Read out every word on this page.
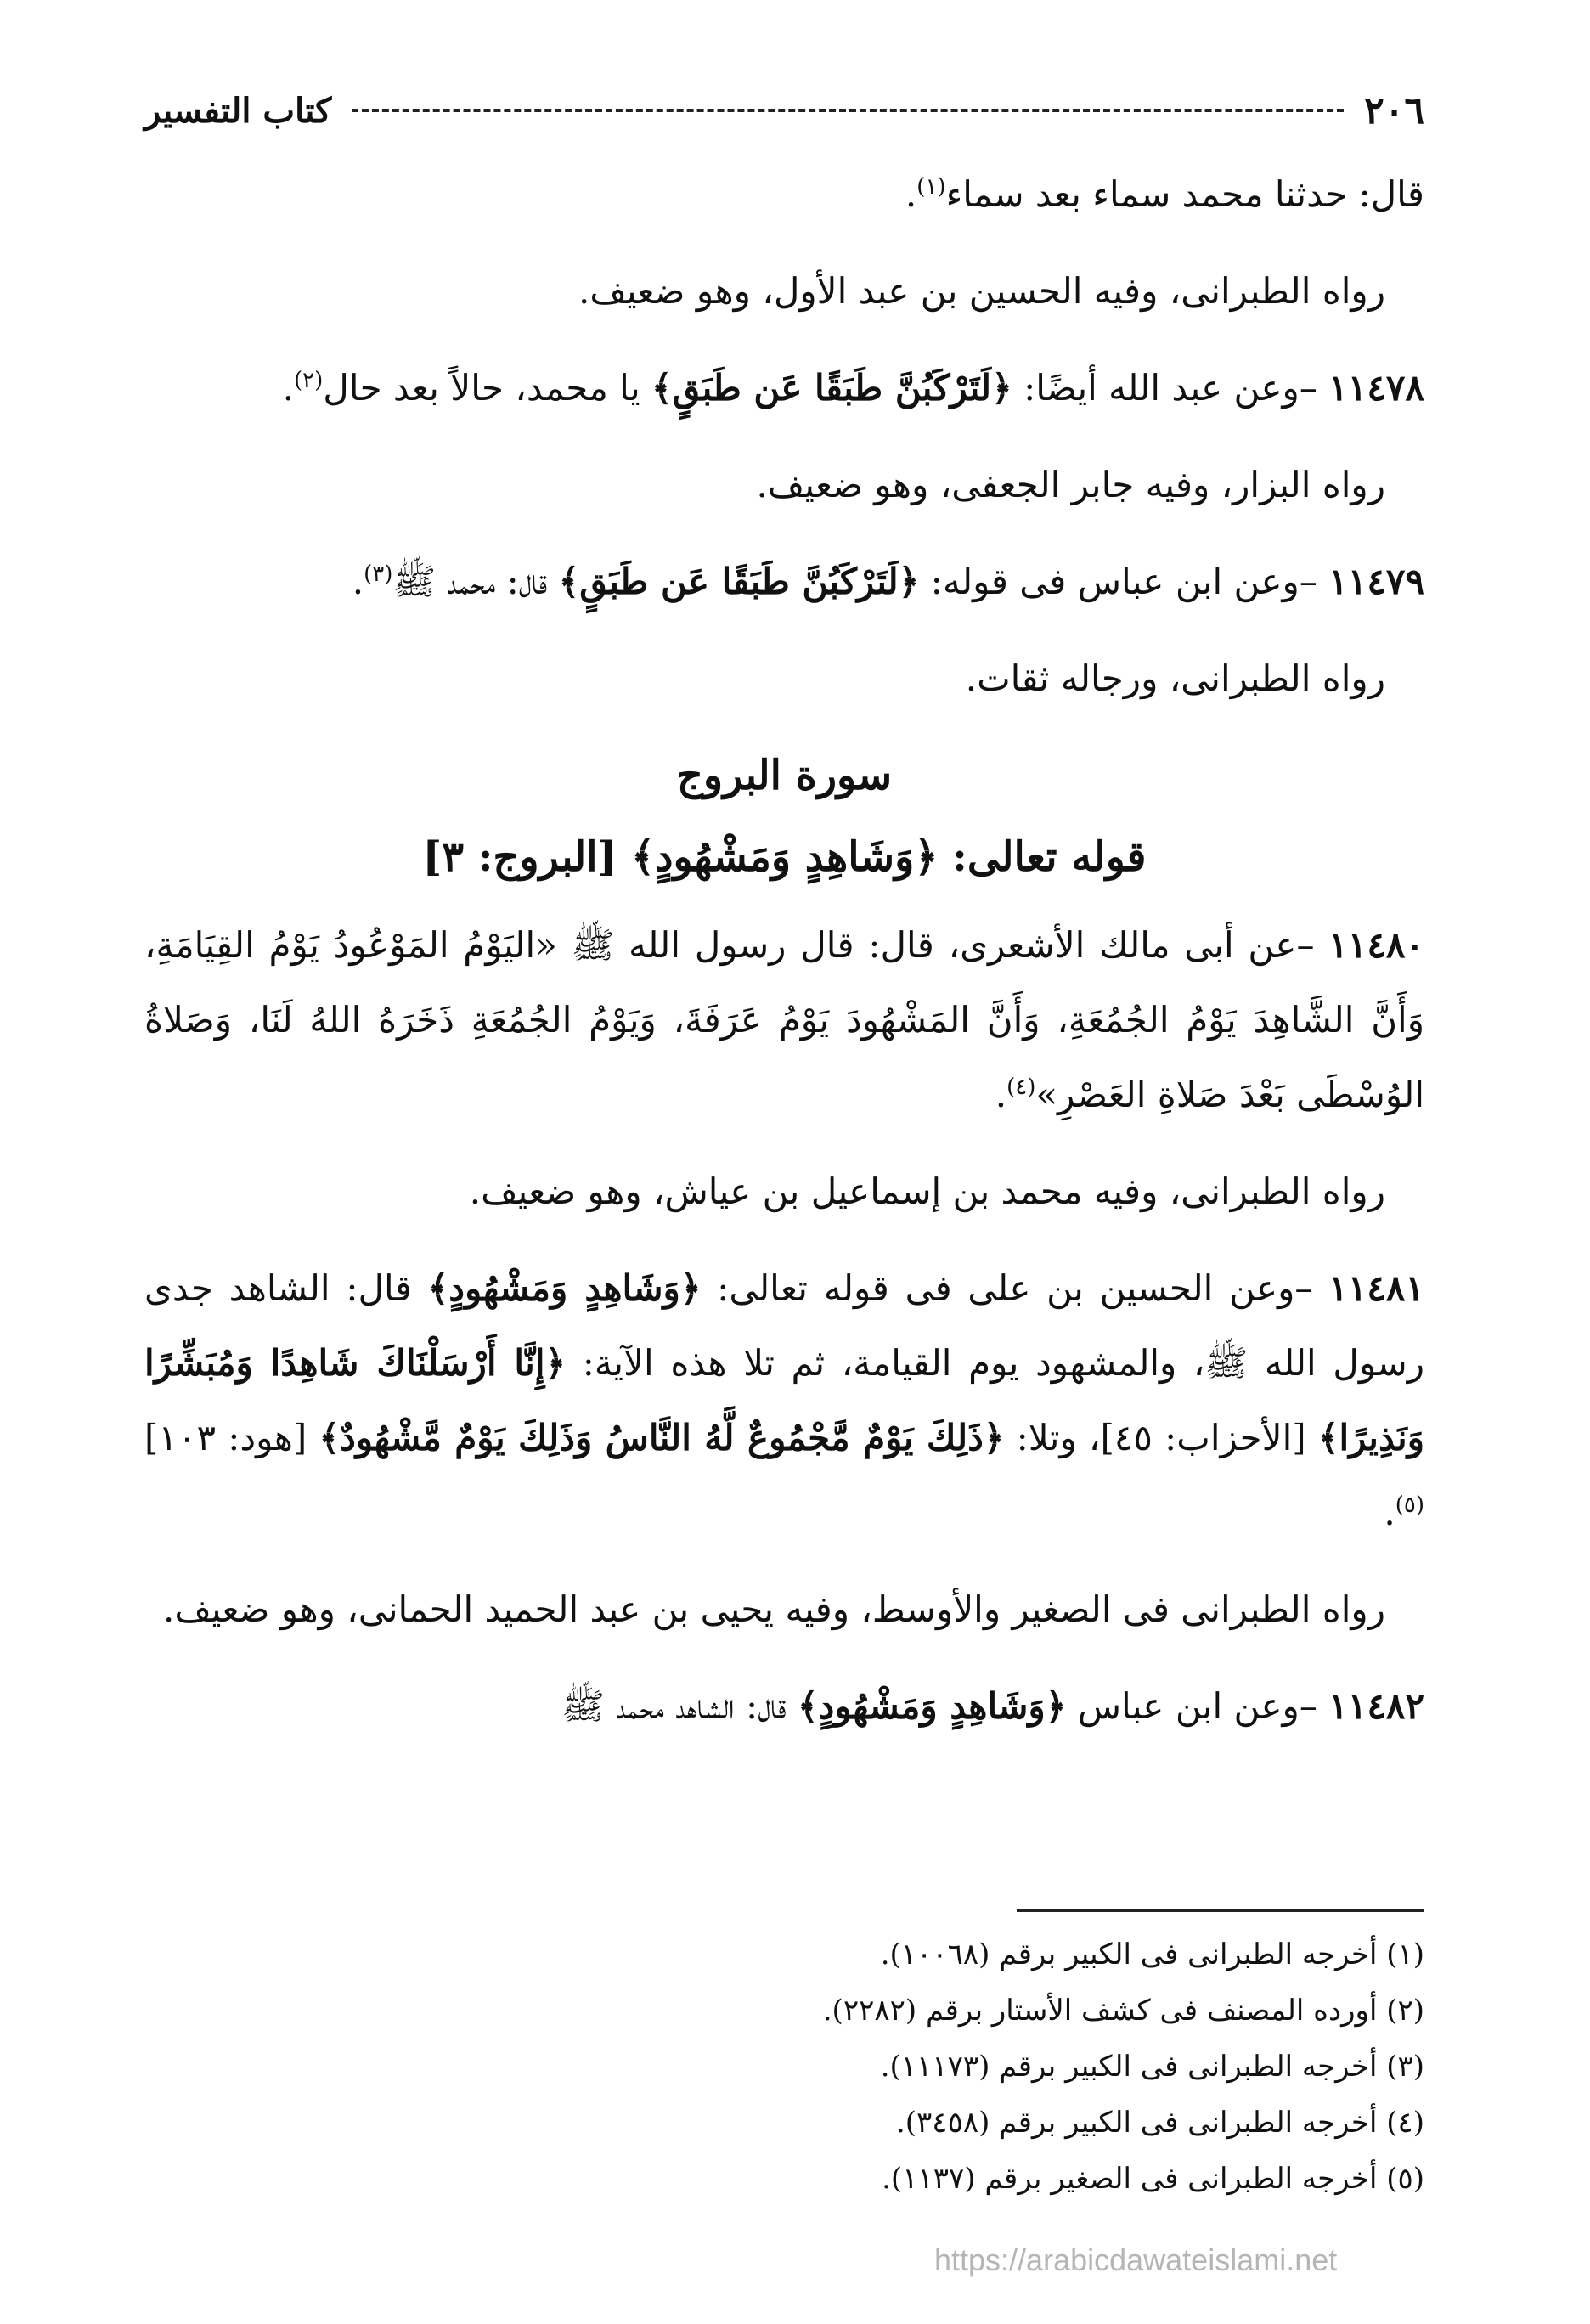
٢٠٦
كتاب التفسير

قال: حدثنا محمد سماء بعد سماء$^{(١)}$.

رواه الطبرانى، وفيه الحسين بن عبد الأول، وهو ضعيف.

١١٤٧٨ –وعن عبد الله أيضًا: ﴿لَتَرْكَبُنَّ طَبَقًا عَن طَبَقٍ﴾ يا محمد، حالاً بعد حال$^{(٢)}$.

رواه البزار، وفيه جابر الجعفى، وهو ضعيف.

١١٤٧٩ –وعن ابن عباس فى قوله: ﴿لَتَرْكَبُنَّ طَبَقًا عَن طَبَقٍ﴾ قال: محمد ﷺ$^{(٣)}$.

رواه الطبرانى، ورجاله ثقات.

سورة البروج
قوله تعالى: ﴿وَشَاهِدٍ وَمَشْهُودٍ﴾ [البروج: ٣]

١١٤٨٠ –عن أبى مالك الأشعرى، قال: قال رسول الله ﷺ «اليَوْمُ المَوْعُودُ يَوْمُ القِيَامَةِ، وَأَنَّ الشَّاهِدَ يَوْمُ الجُمُعَةِ، وَأَنَّ المَشْهُودَ يَوْمُ عَرَفَةَ، وَيَوْمُ الجُمُعَةِ ذَخَرَهُ اللهُ لَنَا، وَصَلاةُ الوُسْطَى بَعْدَ صَلاةِ العَصْرِ»$^{(٤)}$.

رواه الطبرانى، وفيه محمد بن إسماعيل بن عياش، وهو ضعيف.

١١٤٨١ –وعن الحسين بن على فى قوله تعالى: ﴿وَشَاهِدٍ وَمَشْهُودٍ﴾ قال: الشاهد جدى رسول الله ﷺ، والمشهود يوم القيامة، ثم تلا هذه الآية: ﴿إِنَّا أَرْسَلْنَاكَ شَاهِدًا وَمُبَشِّرًا وَنَذِيرًا﴾ [الأحزاب: ٤٥]، وتلا: ﴿ذَلِكَ يَوْمٌ مَّجْمُوعٌ لَّهُ النَّاسُ وَذَلِكَ يَوْمٌ مَّشْهُودٌ﴾ [هود: ١٠٣]$^{(٥)}$.

رواه الطبرانى فى الصغير والأوسط، وفيه يحيى بن عبد الحميد الحمانى، وهو ضعيف.

١١٤٨٢ –وعن ابن عباس ﴿وَشَاهِدٍ وَمَشْهُودٍ﴾ قال: الشاهد محمد ﷺ

(١) أخرجه الطبرانى فى الكبير برقم (١٠٠٦٨).
(٢) أورده المصنف فى كشف الأستار برقم (٢٢٨٢).
(٣) أخرجه الطبرانى فى الكبير برقم (١١١٧٣).
(٤) أخرجه الطبرانى فى الكبير برقم (٣٤٥٨).
(٥) أخرجه الطبرانى فى الصغير برقم (١١٣٧).
https://arabicdawateislami.net
